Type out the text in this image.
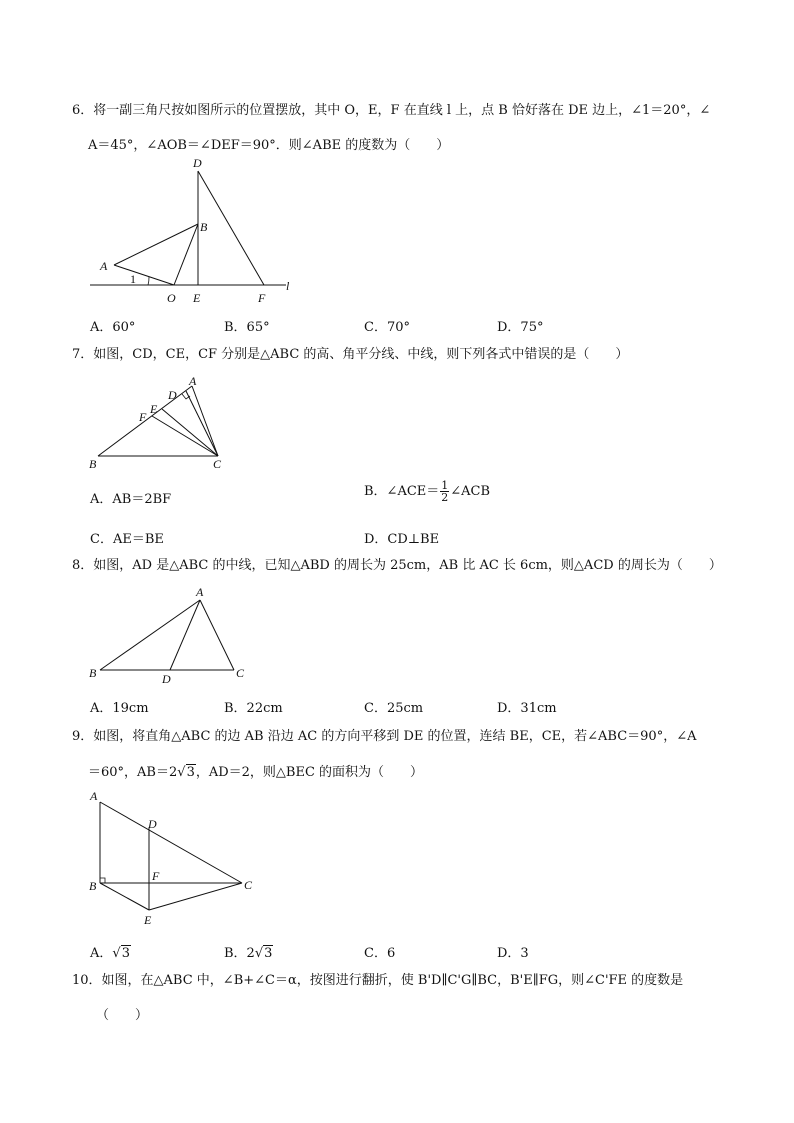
6．将一副三角尺按如图所示的位置摆放，其中 O，E，F 在直线 l 上，点 B 恰好落在 DE 边上，∠1＝20°，∠
A＝45°，∠AOB＝∠DEF＝90°．则∠ABE 的度数为（　　）
D
B
A
1
O E	F
l
A．60°	B．65°	C．70°	D．75°
7．如图，CD，CE，CF 分别是△ABC 的高、角平分线、中线，则下列各式中错误的是（　　）
A
D
E
F
B	C
A．AB＝2BF
B．∠ACE＝ $\frac{1}{2}$ ∠ACB
C．AE＝BE	D．CD⊥BE
8．如图，AD 是△ABC 的中线，已知△ABD 的周长为 25cm，AB 比 AC 长 6cm，则△ACD 的周长为（　　）
A
B	D	C
A．19cm	B．22cm	C．25cm	D．31cm
9．如图，将直角△ABC 的边 AB 沿边 AC 的方向平移到 DE 的位置，连结 BE，CE，若∠ABC＝90°，∠A
＝60°，AB＝2√3，AD＝2，则△BEC 的面积为（　　）
A
D
F
B	C
E
A．√3	B．2√3	C．6	D．3
10．如图，在△ABC 中，∠B+∠C＝α，按图进行翻折，使 B'D∥C'G∥BC，B'E∥FG，则∠C'FE 的度数是
（　　）
